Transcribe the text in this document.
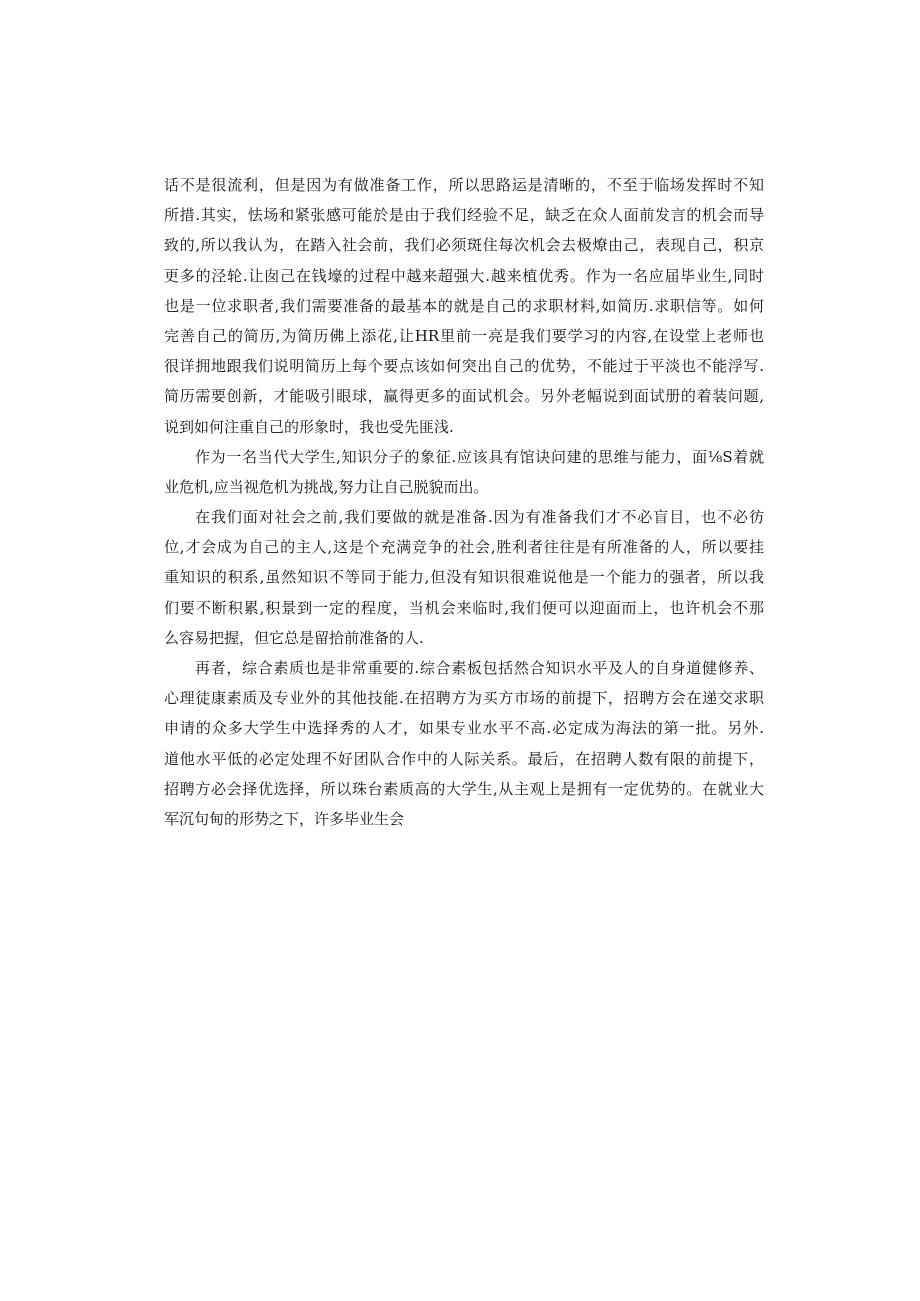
话不是很流利，但是因为有做准备工作，所以思路运是清晰的，不至于临场发挥时不知
所措.其实，怯场和紧张感可能於是由于我们经验不足，缺乏在众人面前发言的机会而导
致的,所以我认为，在踏入社会前，我们必须斑住每次机会去极燎由己，表现自己，积京
更多的泾轮.让囱己在钱壕的过程中越来超强大.越来植优秀。作为一名应届毕业生,同时
也是一位求职者,我们需要准备的最基本的就是自己的求职材料,如简历.求职信等。如何
完善自己的简历,为简历佛上添花,让HR里前一亮是我们要学习的内容,在设堂上老师也
很详拥地跟我们说明简历上每个要点该如何突出自己的优势，不能过于平淡也不能浮写.
简历需要创新，才能吸引眼球，赢得更多的面试机会。另外老幅说到面试册的着装问题,
说到如何注重自己的形象时，我也受先匪浅.
作为一名当代大学生,知识分子的象征.应该具有馆诀问建的思维与能力，面⅛S着就
业危机,应当视危机为挑战,努力让自己脱貌而出。
在我们面对社会之前,我们要做的就是准备.因为有准备我们才不必盲目，也不必彷
位,才会成为自己的主人,这是个充满竞争的社会,胜利者往往是有所准备的人，所以要挂
重知识的积系,虽然知识不等同于能力,但没有知识很难说他是一个能力的强者，所以我
们要不断积累,积景到一定的程度，当机会来临时,我们便可以迎面而上，也许机会不那
么容易把握，但它总是留拾前准备的人.
再者，综合素质也是非常重要的.综合素板包括然合知识水平及人的自身道健修养、
心理徒康素质及专业外的其他技能.在招聘方为买方市场的前提下，招聘方会在递交求职
申请的众多大学生中选择秀的人才，如果专业水平不高.必定成为海法的第一批。另外.
道他水平低的必定处理不好团队合作中的人际关系。最后，在招聘人数有限的前提下，
招聘方必会择优选择，所以珠台素质高的大学生,从主观上是拥有一定优势的。在就业大
军沉句甸的形势之下，许多毕业生会
